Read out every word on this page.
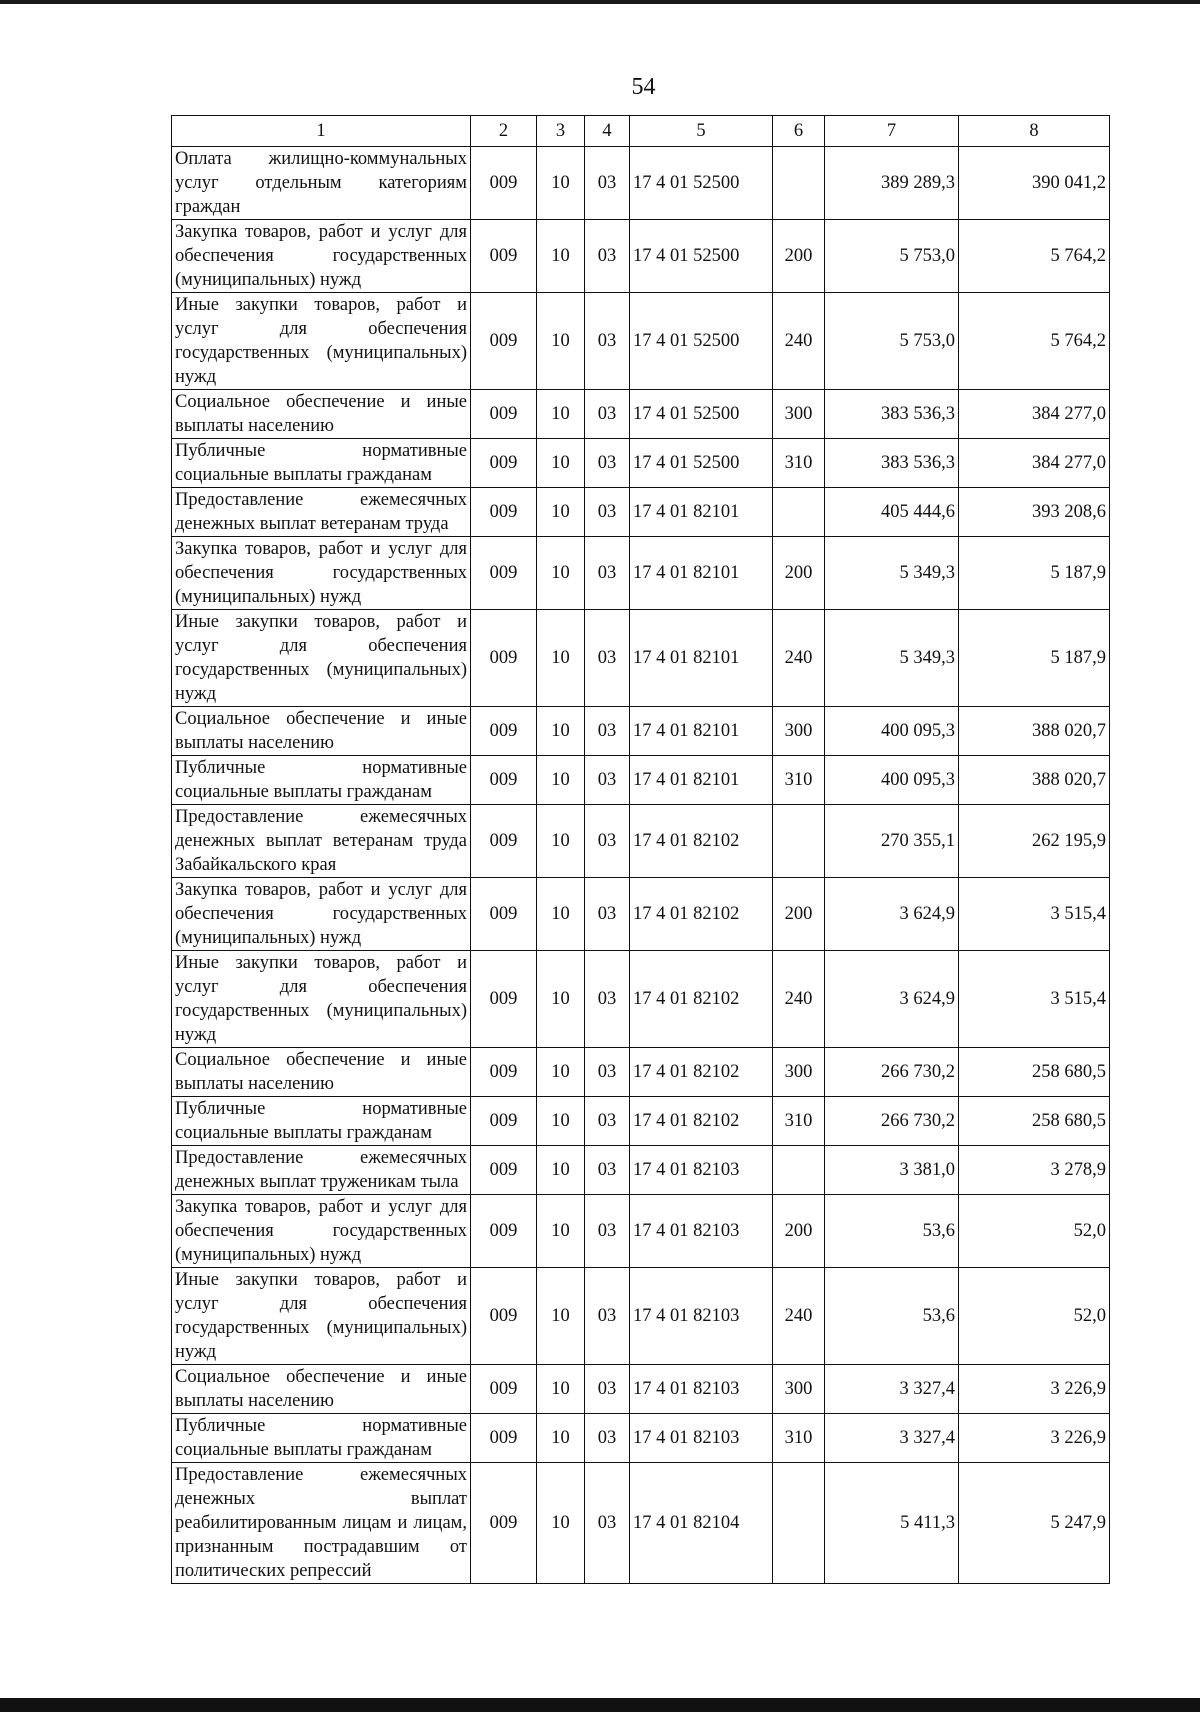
54
1	2	3	4	5	6	7	8
Оплата жилищно-коммунальных услуг отдельным категориям граждан	009	10	03	17 4 01 52500		389 289,3	390 041,2
Закупка товаров, работ и услуг для обеспечения государственных (муниципальных) нужд	009	10	03	17 4 01 52500	200	5 753,0	5 764,2
Иные закупки товаров, работ и услуг для обеспечения государственных (муниципальных) нужд	009	10	03	17 4 01 52500	240	5 753,0	5 764,2
Социальное обеспечение и иные выплаты населению	009	10	03	17 4 01 52500	300	383 536,3	384 277,0
Публичные нормативные социальные выплаты гражданам	009	10	03	17 4 01 52500	310	383 536,3	384 277,0
Предоставление ежемесячных денежных выплат ветеранам труда	009	10	03	17 4 01 82101		405 444,6	393 208,6
Закупка товаров, работ и услуг для обеспечения государственных (муниципальных) нужд	009	10	03	17 4 01 82101	200	5 349,3	5 187,9
Иные закупки товаров, работ и услуг для обеспечения государственных (муниципальных) нужд	009	10	03	17 4 01 82101	240	5 349,3	5 187,9
Социальное обеспечение и иные выплаты населению	009	10	03	17 4 01 82101	300	400 095,3	388 020,7
Публичные нормативные социальные выплаты гражданам	009	10	03	17 4 01 82101	310	400 095,3	388 020,7
Предоставление ежемесячных денежных выплат ветеранам труда Забайкальского края	009	10	03	17 4 01 82102		270 355,1	262 195,9
Закупка товаров, работ и услуг для обеспечения государственных (муниципальных) нужд	009	10	03	17 4 01 82102	200	3 624,9	3 515,4
Иные закупки товаров, работ и услуг для обеспечения государственных (муниципальных) нужд	009	10	03	17 4 01 82102	240	3 624,9	3 515,4
Социальное обеспечение и иные выплаты населению	009	10	03	17 4 01 82102	300	266 730,2	258 680,5
Публичные нормативные социальные выплаты гражданам	009	10	03	17 4 01 82102	310	266 730,2	258 680,5
Предоставление ежемесячных денежных выплат труженикам тыла	009	10	03	17 4 01 82103		3 381,0	3 278,9
Закупка товаров, работ и услуг для обеспечения государственных (муниципальных) нужд	009	10	03	17 4 01 82103	200	53,6	52,0
Иные закупки товаров, работ и услуг для обеспечения государственных (муниципальных) нужд	009	10	03	17 4 01 82103	240	53,6	52,0
Социальное обеспечение и иные выплаты населению	009	10	03	17 4 01 82103	300	3 327,4	3 226,9
Публичные нормативные социальные выплаты гражданам	009	10	03	17 4 01 82103	310	3 327,4	3 226,9
Предоставление ежемесячных денежных выплат реабилитированным лицам и лицам, признанным пострадавшим от политических репрессий	009	10	03	17 4 01 82104		5 411,3	5 247,9
